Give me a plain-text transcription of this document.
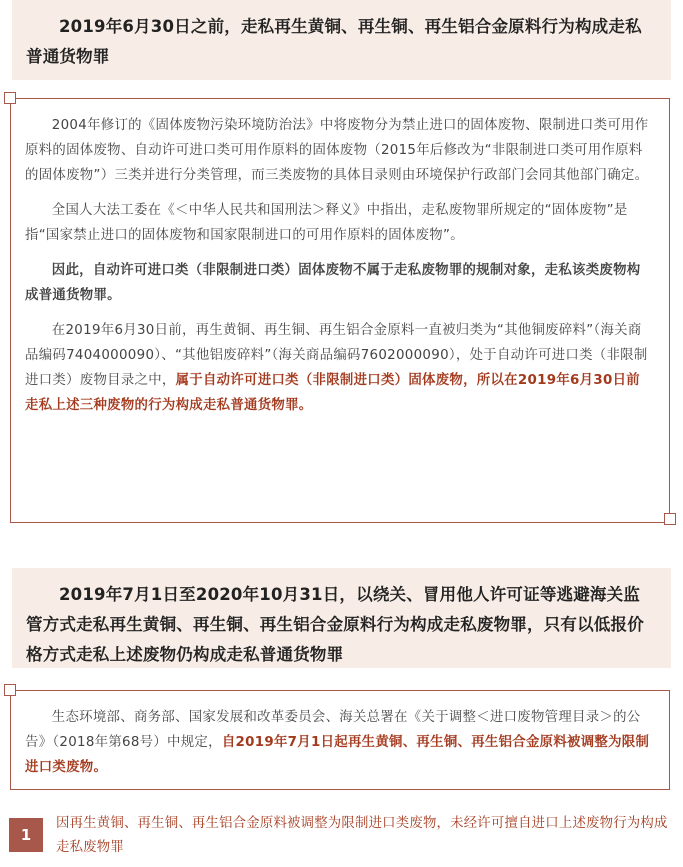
2019年6月30日之前，走私再生黄铜、再生铜、再生铝合金原料行为构成走私普通货物罪

2004年修订的《固体废物污染环境防治法》中将废物分为禁止进口的固体废物、限制进口类可用作原料的固体废物、自动许可进口类可用作原料的固体废物（2015年后修改为“非限制进口类可用作原料的固体废物”）三类并进行分类管理，而三类废物的具体目录则由环境保护行政部门会同其他部门确定。

全国人大法工委在《＜中华人民共和国刑法＞释义》中指出，走私废物罪所规定的“固体废物”是指“国家禁止进口的固体废物和国家限制进口的可用作原料的固体废物”。

因此，自动许可进口类（非限制进口类）固体废物不属于走私废物罪的规制对象，走私该类废物构成普通货物罪。

在2019年6月30日前，再生黄铜、再生铜、再生铝合金原料一直被归类为“其他铜废碎料”（海关商品编码7404000090）、“其他铝废碎料”（海关商品编码7602000090），处于自动许可进口类（非限制进口类）废物目录之中，属于自动许可进口类（非限制进口类）固体废物，所以在2019年6月30日前走私上述三种废物的行为构成走私普通货物罪。

2019年7月1日至2020年10月31日，以绕关、冒用他人许可证等逃避海关监管方式走私再生黄铜、再生铜、再生铝合金原料行为构成走私废物罪，只有以低报价格方式走私上述废物仍构成走私普通货物罪

生态环境部、商务部、国家发展和改革委员会、海关总署在《关于调整＜进口废物管理目录＞的公告》（2018年第68号）中规定，自2019年7月1日起再生黄铜、再生铜、再生铝合金原料被调整为限制进口类废物。

1
因再生黄铜、再生铜、再生铝合金原料被调整为限制进口类废物，未经许可擅自进口上述废物行为构成走私废物罪
